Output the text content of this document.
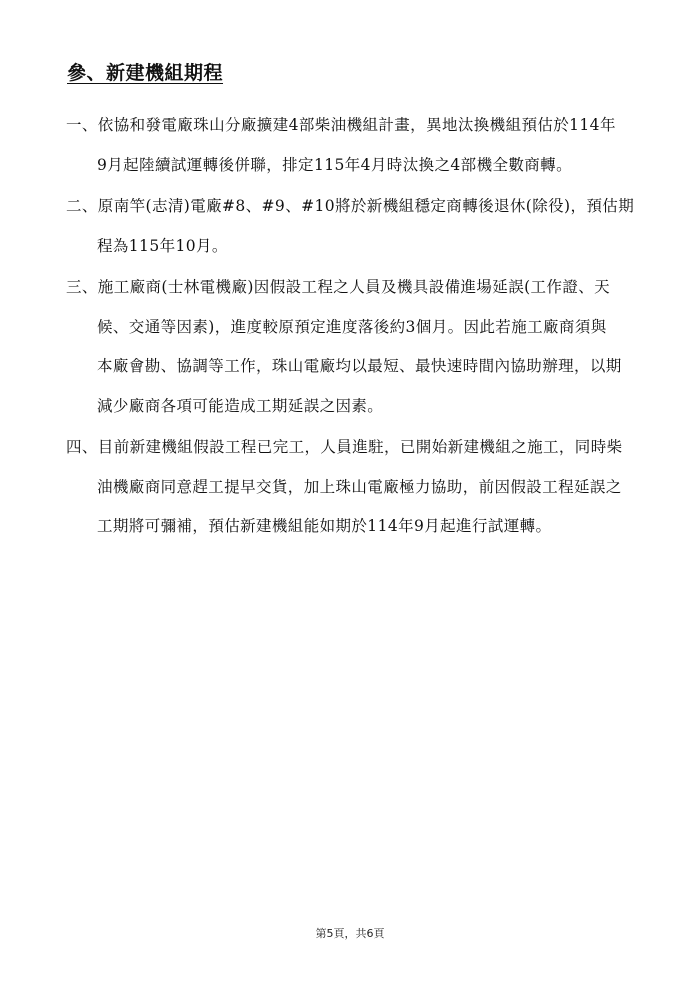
參、新建機組期程
一、依協和發電廠珠山分廠擴建4部柴油機組計畫，異地汰換機組預估於114年
9月起陸續試運轉後併聯，排定115年4月時汰換之4部機全數商轉。
二、原南竿(志清)電廠#8、#9、#10將於新機組穩定商轉後退休(除役)，預估期
程為115年10月。
三、施工廠商(士林電機廠)因假設工程之人員及機具設備進場延誤(工作證、天
候、交通等因素)，進度較原預定進度落後約3個月。因此若施工廠商須與
本廠會勘、協調等工作，珠山電廠均以最短、最快速時間內協助辦理，以期
減少廠商各項可能造成工期延誤之因素。
四、目前新建機組假設工程已完工，人員進駐，已開始新建機組之施工，同時柴
油機廠商同意趕工提早交貨，加上珠山電廠極力協助，前因假設工程延誤之
工期將可彌補，預估新建機組能如期於114年9月起進行試運轉。
第5頁，共6頁
